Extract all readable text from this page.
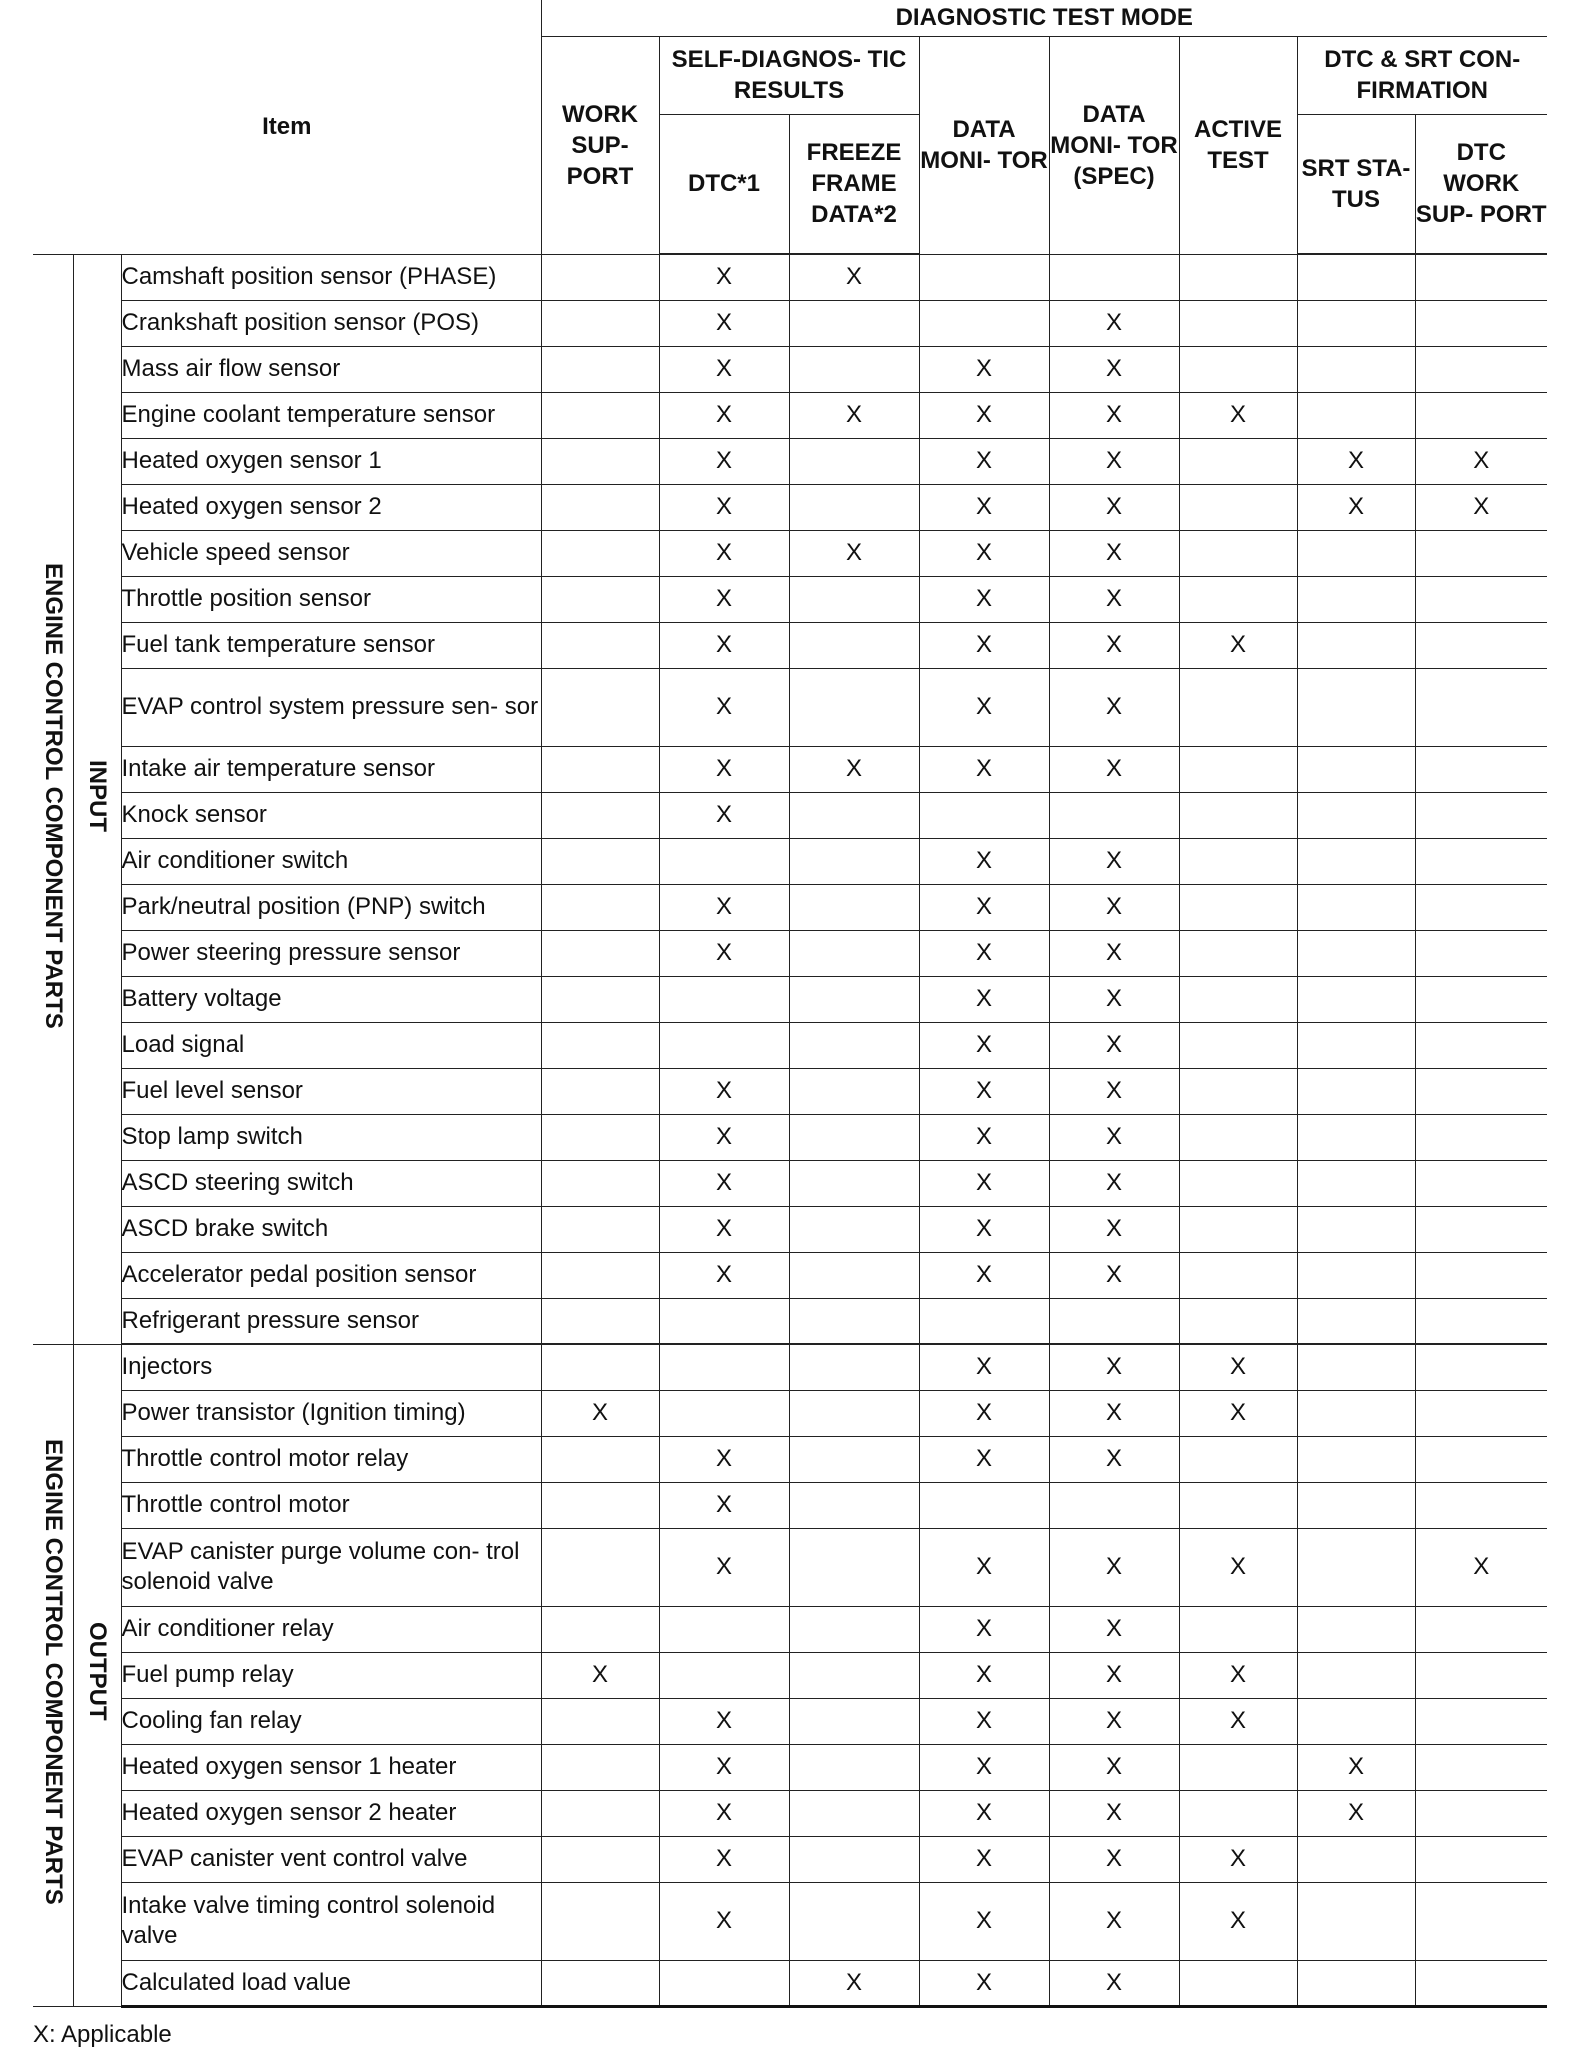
Item			DIAGNOSTIC TEST MODE							
			WORK SUP- PORT	SELF-DIAGNOS- TIC RESULTS		DATA MONI- TOR	DATA MONI- TOR (SPEC)	ACTIVE TEST	DTC & SRT CON- FIRMATION	
				DTC*1	FREEZE FRAME DATA*2				SRT STA- TUS	DTC WORK SUP- PORT
ENGINE CONTROL COMPONENT PARTS	INPUT	Camshaft position sensor (PHASE)		X	X					
		Crankshaft position sensor (POS)		X			X			
		Mass air flow sensor		X		X	X			
		Engine coolant temperature sensor		X	X	X	X	X		
		Heated oxygen sensor 1		X		X	X		X	X
		Heated oxygen sensor 2		X		X	X		X	X
		Vehicle speed sensor		X	X	X	X			
		Throttle position sensor		X		X	X			
		Fuel tank temperature sensor		X		X	X	X		
		EVAP control system pressure sen- sor		X		X	X			
		Intake air temperature sensor		X	X	X	X			
		Knock sensor		X						
		Air conditioner switch				X	X			
		Park/neutral position (PNP) switch		X		X	X			
		Power steering pressure sensor		X		X	X			
		Battery voltage				X	X			
		Load signal				X	X			
		Fuel level sensor		X		X	X			
		Stop lamp switch		X		X	X			
		ASCD steering switch		X		X	X			
		ASCD brake switch		X		X	X			
		Accelerator pedal position sensor		X		X	X			
		Refrigerant pressure sensor								
ENGINE CONTROL COMPONENT PARTS	OUTPUT	Injectors				X	X	X		
		Power transistor (Ignition timing)	X			X	X	X		
		Throttle control motor relay		X		X	X			
		Throttle control motor		X						
		EVAP canister purge volume con- trol solenoid valve		X		X	X	X		X
		Air conditioner relay				X	X			
		Fuel pump relay	X			X	X	X		
		Cooling fan relay		X		X	X	X		
		Heated oxygen sensor 1 heater		X		X	X		X	
		Heated oxygen sensor 2 heater		X		X	X		X	
		EVAP canister vent control valve		X		X	X	X		
		Intake valve timing control solenoid valve		X		X	X	X		
		Calculated load value			X	X	X			
X: Applicable
